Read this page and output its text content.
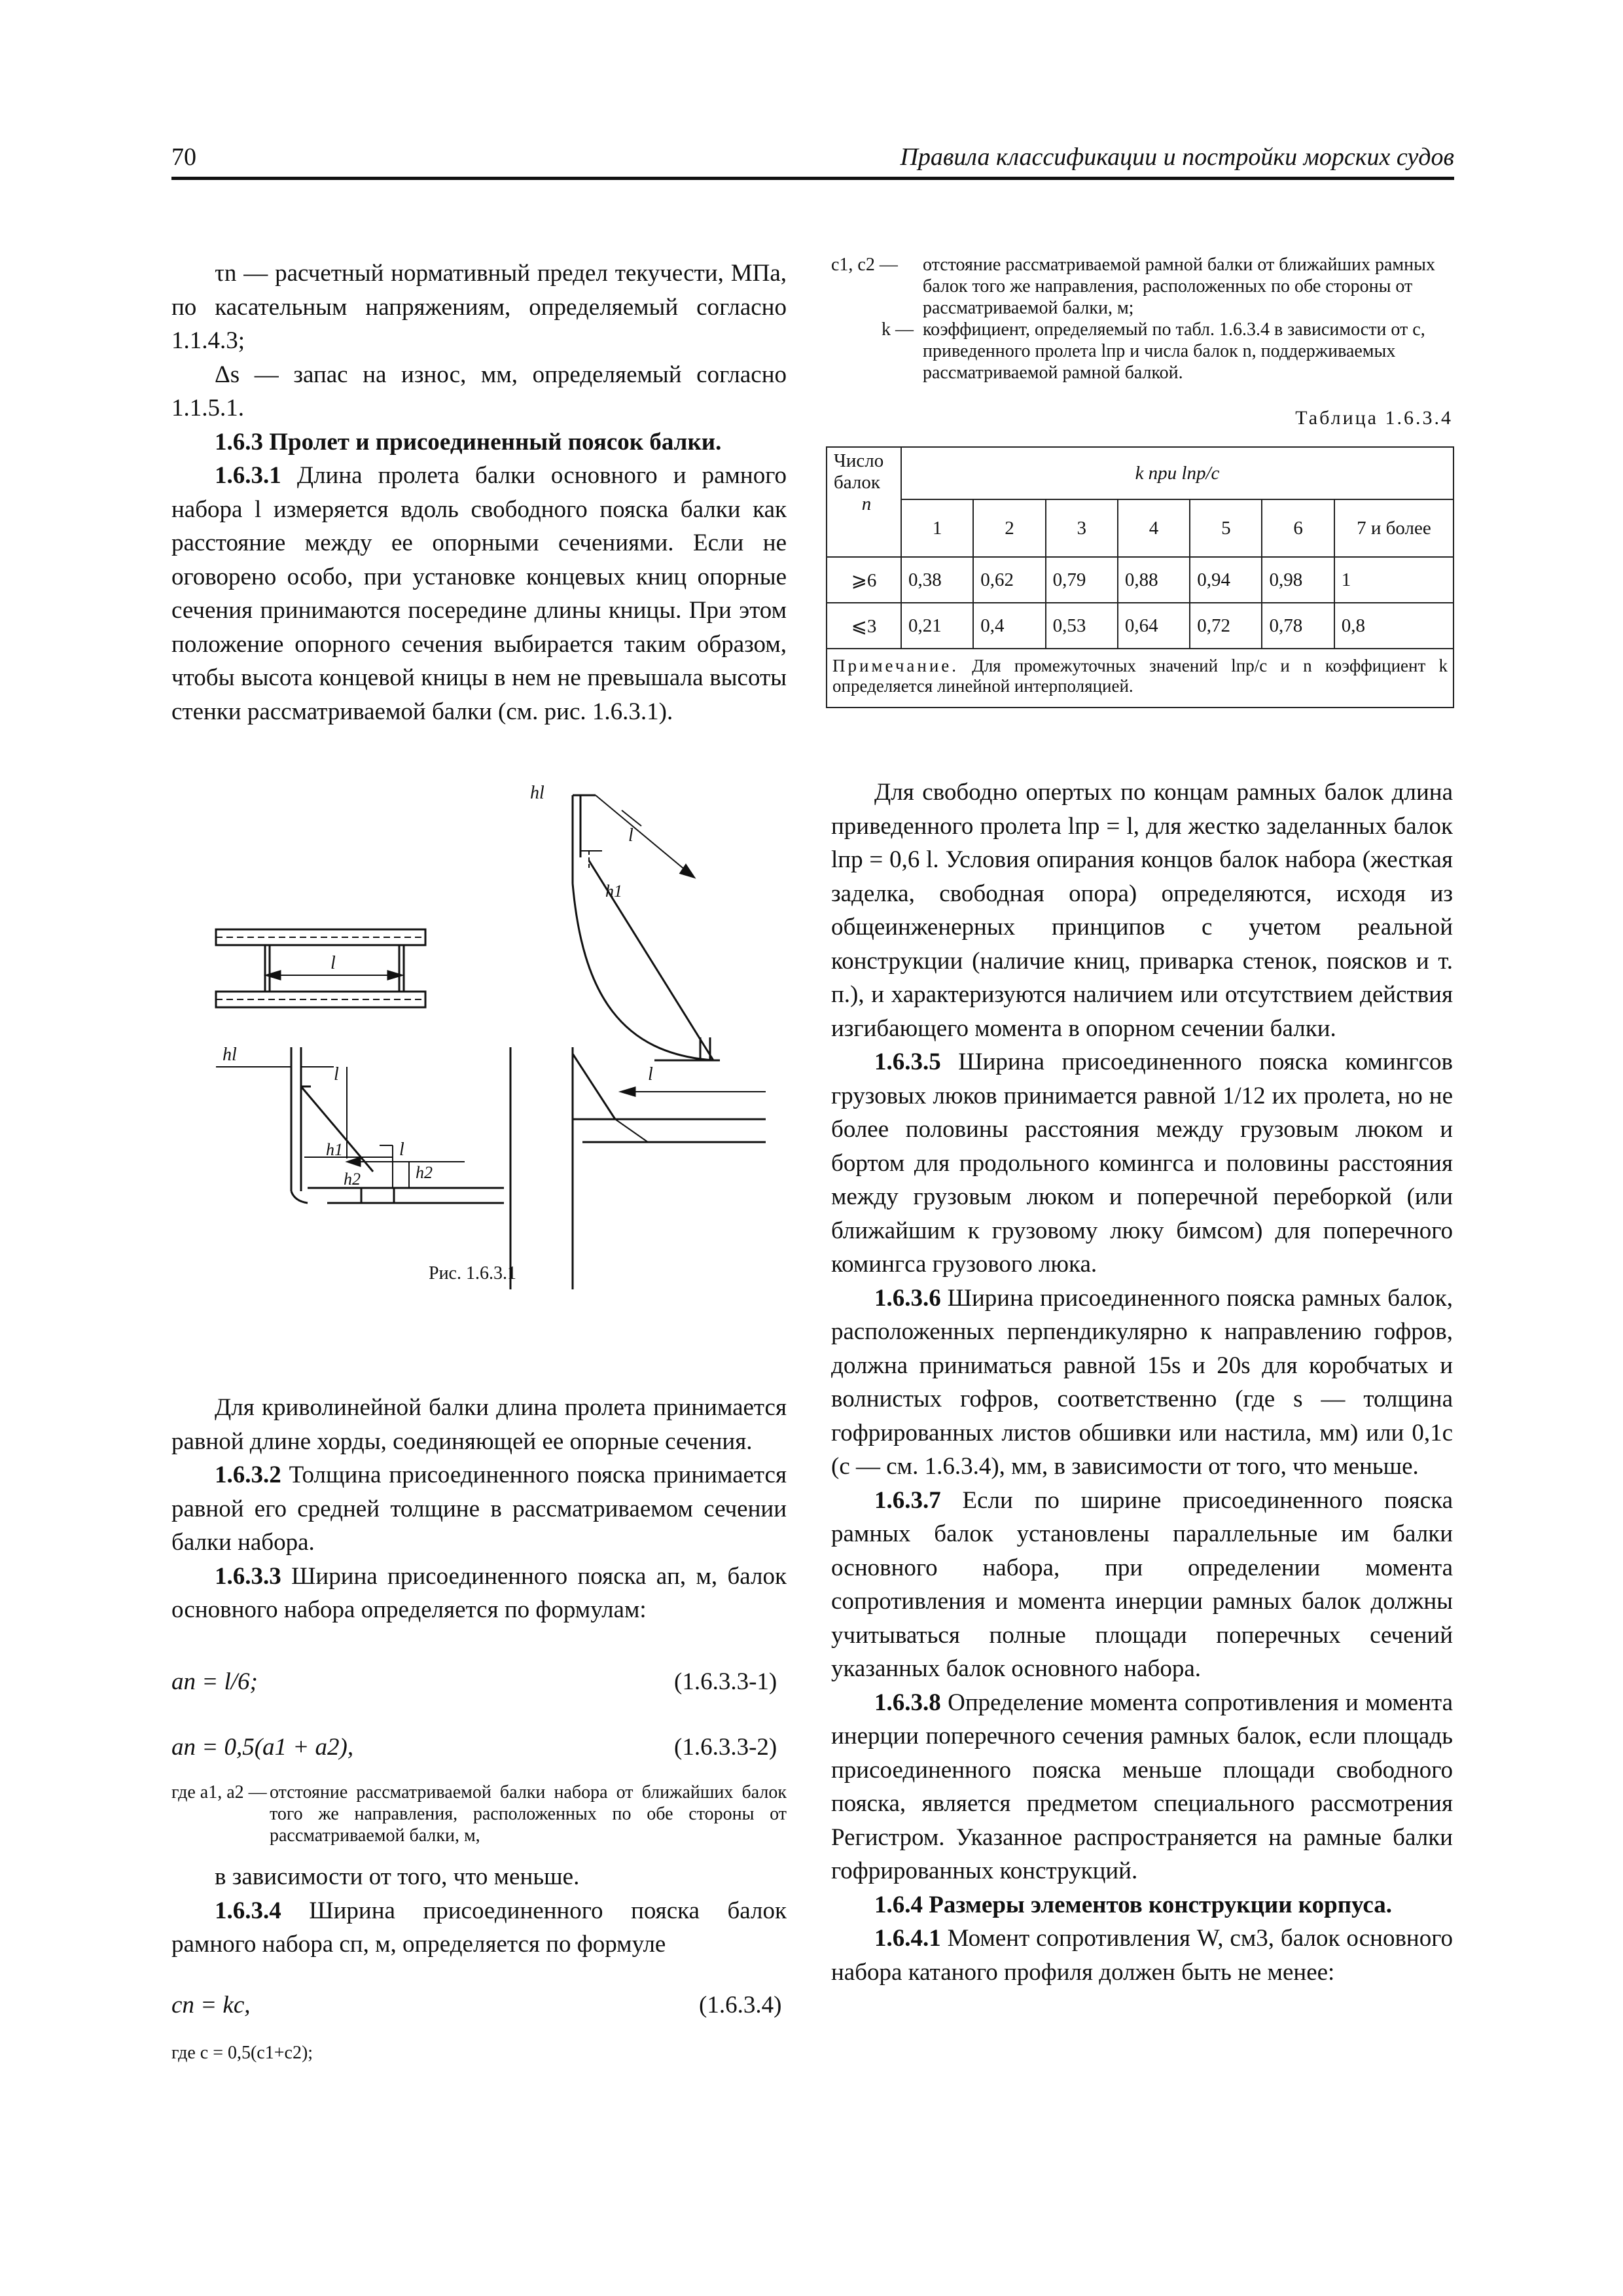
70	Правила классификации и постройки морских судов

τn — расчетный нормативный предел текучести, МПа, по касательным напряжениям, определяемый согласно 1.1.4.3;

Δs — запас на износ, мм, определяемый согласно 1.1.5.1.

1.6.3 Пролет и присоединенный поясок балки.

1.6.3.1 Длина пролета балки основного и рамного набора l измеряется вдоль свободного пояска балки как расстояние между ее опорными сечениями. Если не оговорено особо, при установке концевых книц опорные сечения принимаются посередине длины кницы. При этом положение опорного сечения выбирается таким образом, чтобы высота концевой кницы в нем не превышала высоты стенки рассматриваемой балки (см. рис. 1.6.3.1).

hl
l
h1
l
hl
l
h1	l
h2	h2
l
Рис. 1.6.3.1

Для криволинейной балки длина пролета принимается равной длине хорды, соединяющей ее опорные сечения.

1.6.3.2 Толщина присоединенного пояска принимается равной его средней толщине в рассматриваемом сечении балки набора.

1.6.3.3 Ширина присоединенного пояска aп, м, балок основного набора определяется по формулам:

aп = l/6;	(1.6.3.3-1)
aп = 0,5(a1 + a2),	(1.6.3.3-2)
где a1, a2 — отстояние рассматриваемой балки набора от ближайших балок того же направления, расположенных по обе стороны от рассматриваемой балки, м,

в зависимости от того, что меньше.

1.6.3.4 Ширина присоединенного пояска балок рамного набора cп, м, определяется по формуле

cп = kc,	(1.6.3.4)
где c = 0,5(c1+c2);
c1, c2 —	отстояние рассматриваемой рамной балки от ближайших рамных балок того же направления, расположенных по обе стороны от рассматриваемой балки, м;
k — коэффициент, определяемый по табл. 1.6.3.4 в зависимости от c, приведенного пролета lпр и числа балок n, поддерживаемых рассматриваемой рамной балкой.
Таблица 1.6.3.4
Число балок
n	k при lпр/c						
	1	2	3	4	5	6	7 и более
⩾6	0,38	0,62	0,79	0,88	0,94	0,98	1
⩽3	0,21	0,4	0,53	0,64	0,72	0,78	0,8
Примечание. Для промежуточных значений lпр/c и n коэффициент k определяется линейной интерполяцией.							

Для свободно опертых по концам рамных балок длина приведенного пролета lпр = l, для жестко заделанных балок lпр = 0,6 l. Условия опирания концов балок набора (жесткая заделка, свободная опора) определяются, исходя из общеинженерных принципов с учетом реальной конструкции (наличие книц, приварка стенок, поясков и т. п.), и характеризуются наличием или отсутствием действия изгибающего момента в опорном сечении балки.

1.6.3.5 Ширина присоединенного пояска комингсов грузовых люков принимается равной 1/12 их пролета, но не более половины расстояния между грузовым люком и бортом для продольного комингса и половины расстояния между грузовым люком и поперечной переборкой (или ближайшим к грузовому люку бимсом) для поперечного комингса грузового люка.

1.6.3.6 Ширина присоединенного пояска рамных балок, расположенных перпендикулярно к направлению гофров, должна приниматься равной 15s и 20s для коробчатых и волнистых гофров, соответственно (где s — толщина гофрированных листов обшивки или настила, мм) или 0,1c (c — см. 1.6.3.4), мм, в зависимости от того, что меньше.

1.6.3.7 Если по ширине присоединенного пояска рамных балок установлены параллельные им балки основного набора, при определении момента сопротивления и момента инерции рамных балок должны учитываться полные площади поперечных сечений указанных балок основного набора.

1.6.3.8 Определение момента сопротивления и момента инерции поперечного сечения рамных балок, если площадь присоединенного пояска меньше площади свободного пояска, является предметом специального рассмотрения Регистром. Указанное распространяется на рамные балки гофрированных конструкций.

1.6.4 Размеры элементов конструкции корпуса.

1.6.4.1 Момент сопротивления W, см3, балок основного набора катаного профиля должен быть не менее:
